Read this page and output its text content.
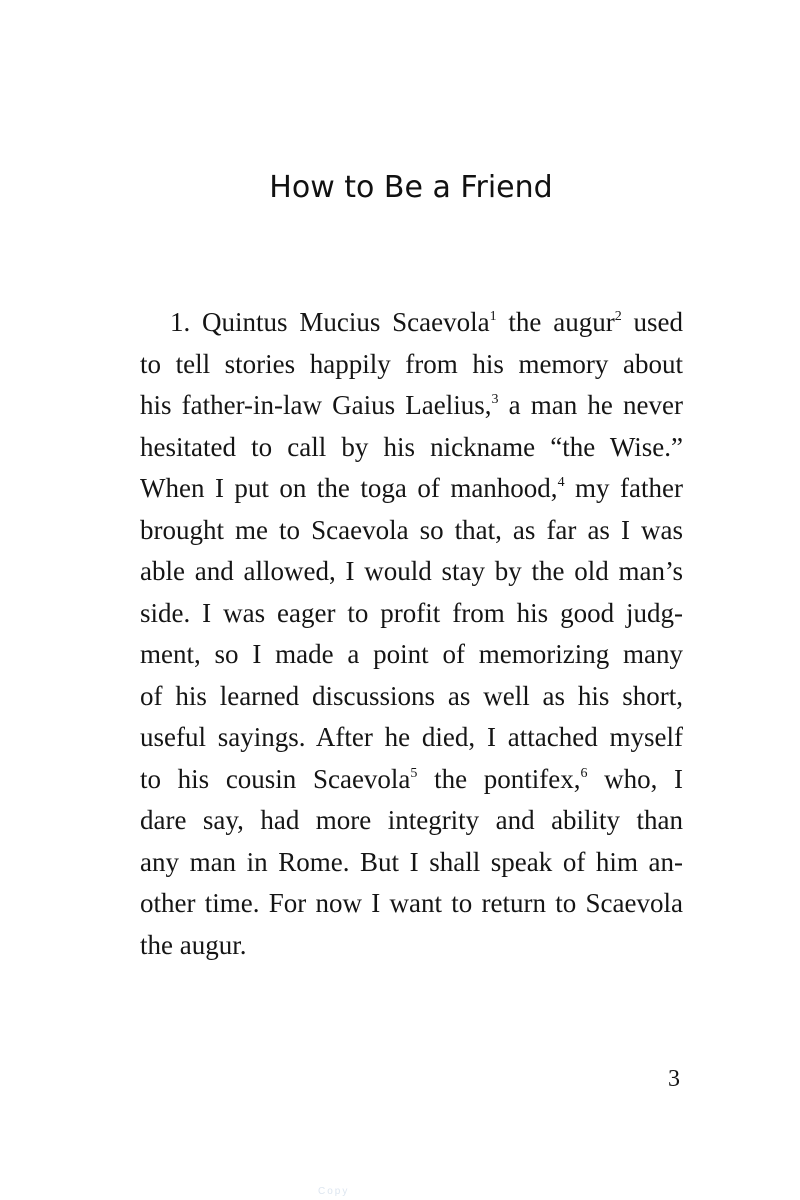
How to Be a Friend
1. Quintus Mucius Scaevola$^1$ the augur$^2$ used
to tell stories happily from his memory about
his father-in-law Gaius Laelius,$^3$ a man he never
hesitated to call by his nickname “the Wise.”
When I put on the toga of manhood,$^4$ my father
brought me to Scaevola so that, as far as I was
able and allowed, I would stay by the old man’s
side. I was eager to profit from his good judg-
ment, so I made a point of memorizing many
of his learned discussions as well as his short,
useful sayings. After he died, I attached myself
to his cousin Scaevola$^5$ the pontifex,$^6$ who, I
dare say, had more integrity and ability than
any man in Rome. But I shall speak of him an-
other time. For now I want to return to Scaevola
the augur.
3
Copy
